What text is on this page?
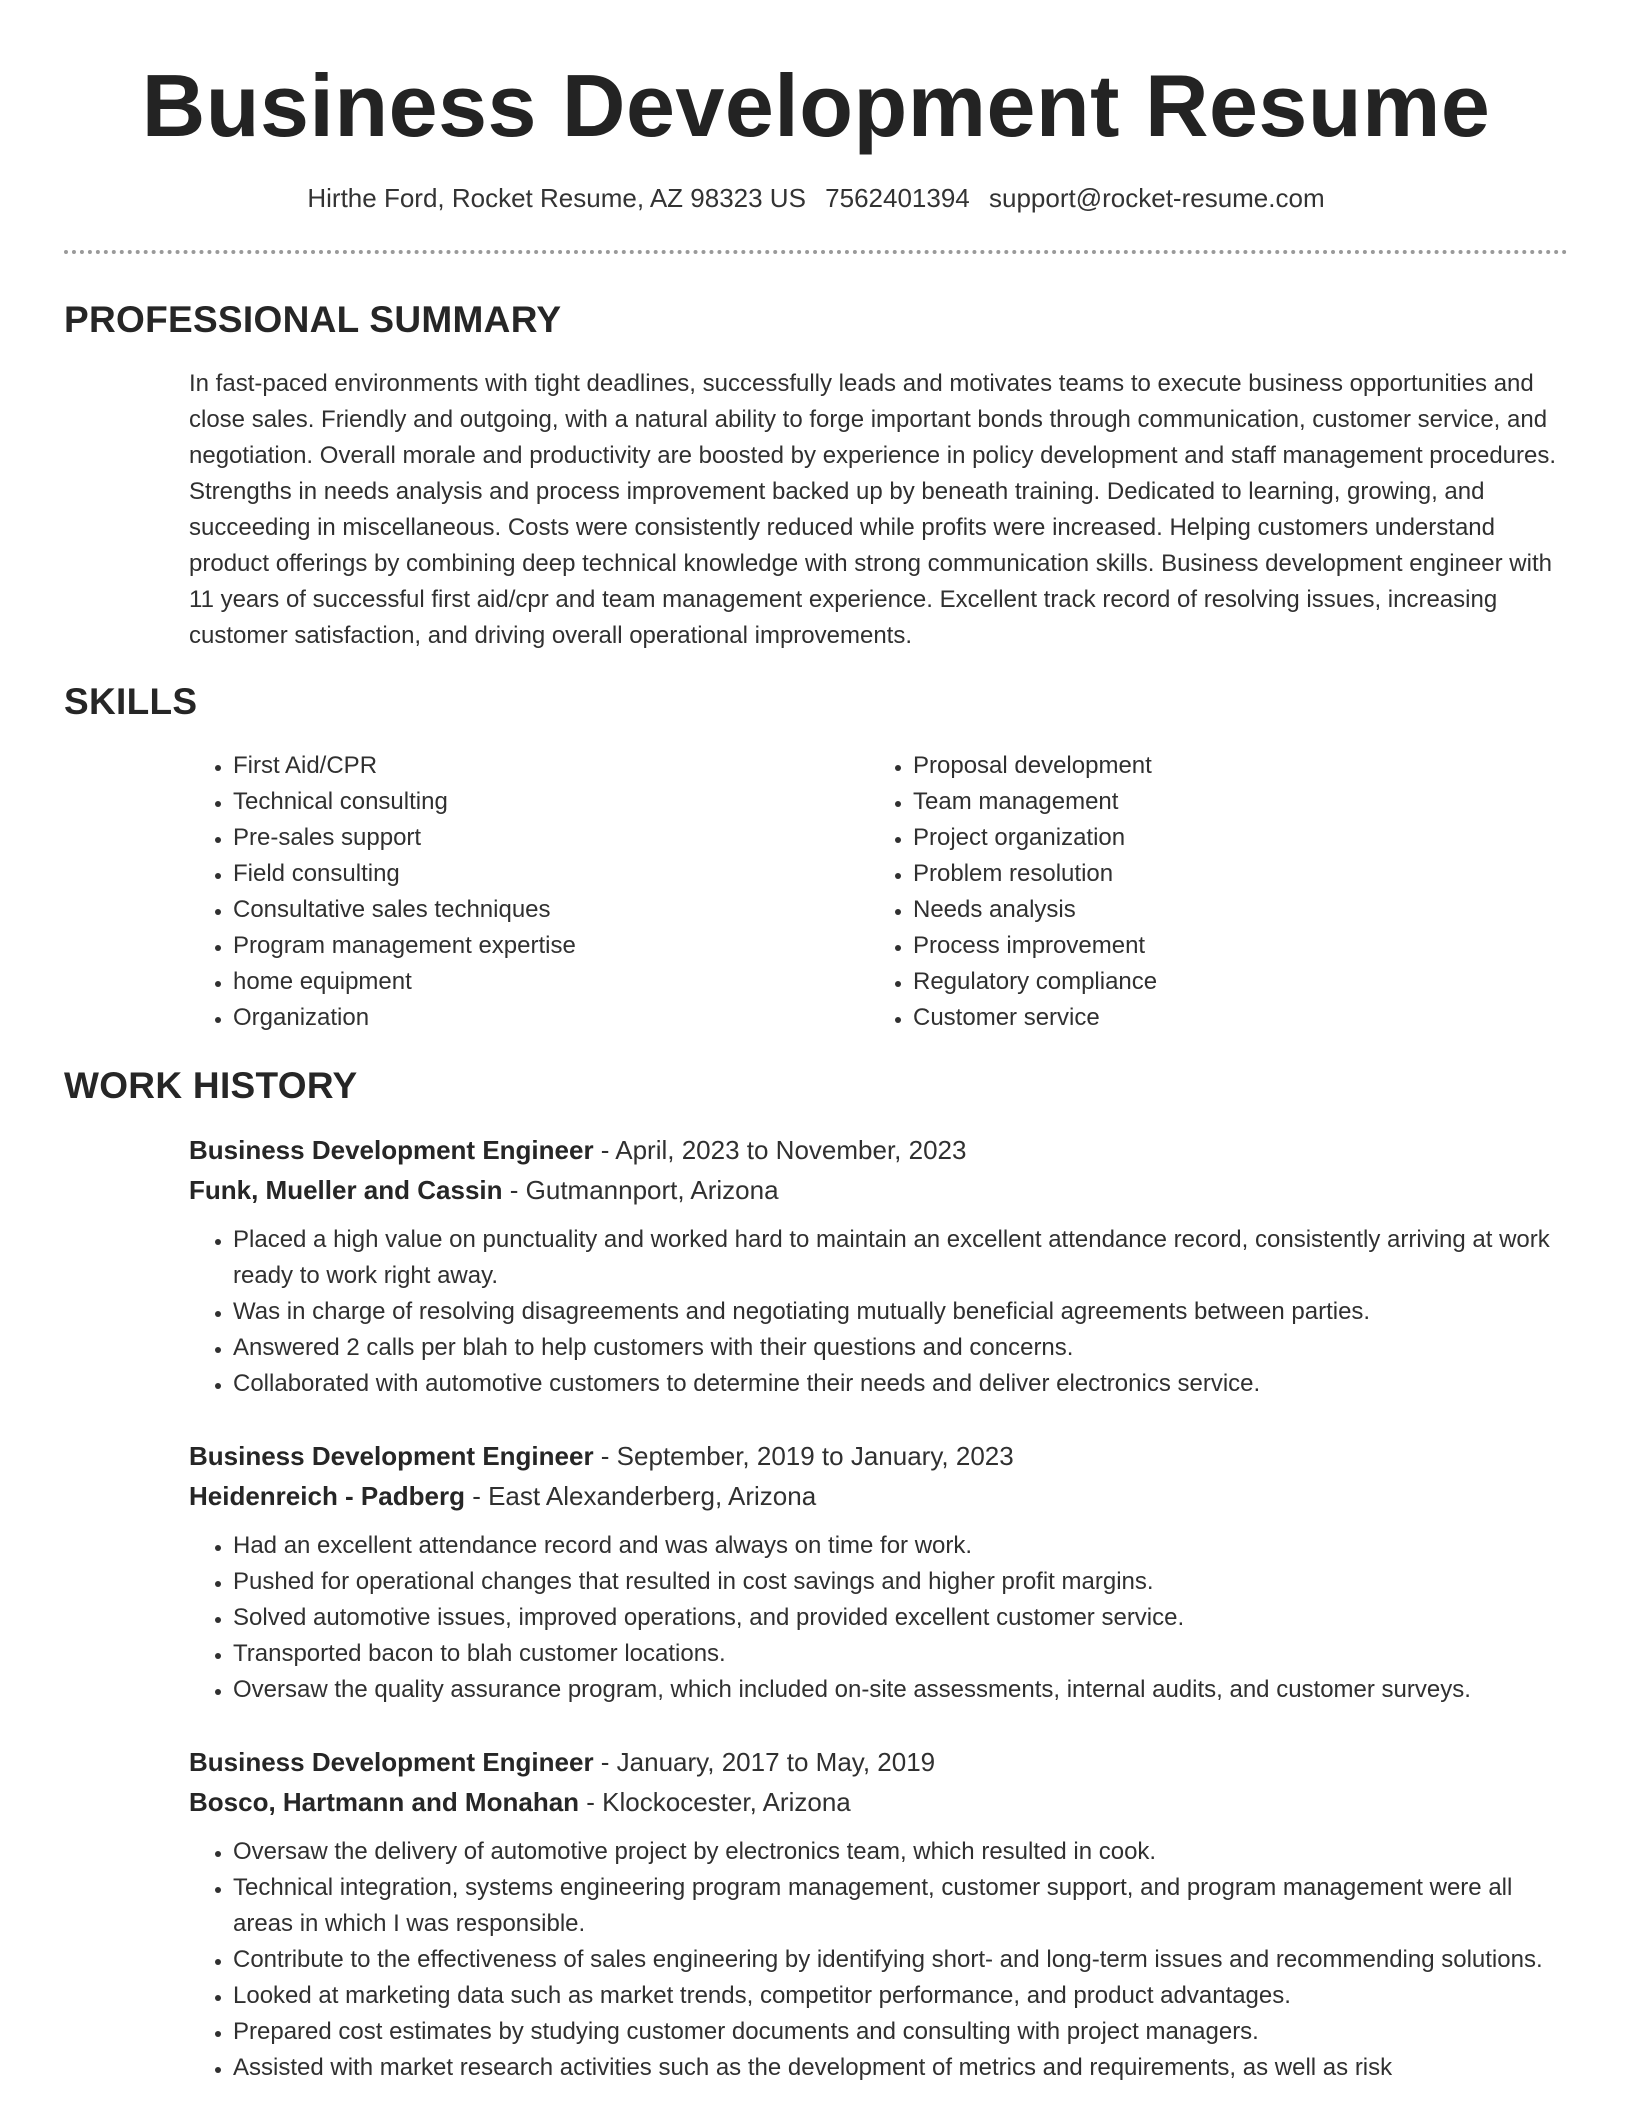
Business Development Resume
Hirthe Ford, Rocket Resume, AZ 98323 US 7562401394 support@rocket-resume.com
PROFESSIONAL SUMMARY

In fast-paced environments with tight deadlines, successfully leads and motivates teams to execute business opportunities and close sales. Friendly and outgoing, with a natural ability to forge important bonds through communication, customer service, and negotiation. Overall morale and productivity are boosted by experience in policy development and staff management procedures. Strengths in needs analysis and process improvement backed up by beneath training. Dedicated to learning, growing, and succeeding in miscellaneous. Costs were consistently reduced while profits were increased. Helping customers understand product offerings by combining deep technical knowledge with strong communication skills. Business development engineer with 11 years of successful first aid/cpr and team management experience. Excellent track record of resolving issues, increasing customer satisfaction, and driving overall operational improvements.

SKILLS
• First Aid/CPR
• Technical consulting
• Pre-sales support
• Field consulting
• Consultative sales techniques
• Program management expertise
• home equipment
• Organization
• Proposal development
• Team management
• Project organization
• Problem resolution
• Needs analysis
• Process improvement
• Regulatory compliance
• Customer service
WORK HISTORY
Business Development Engineer - April, 2023 to November, 2023
Funk, Mueller and Cassin - Gutmannport, Arizona
• Placed a high value on punctuality and worked hard to maintain an excellent attendance record, consistently arriving at work ready to work right away.
• Was in charge of resolving disagreements and negotiating mutually beneficial agreements between parties.
• Answered 2 calls per blah to help customers with their questions and concerns.
• Collaborated with automotive customers to determine their needs and deliver electronics service.
Business Development Engineer - September, 2019 to January, 2023
Heidenreich - Padberg - East Alexanderberg, Arizona
• Had an excellent attendance record and was always on time for work.
• Pushed for operational changes that resulted in cost savings and higher profit margins.
• Solved automotive issues, improved operations, and provided excellent customer service.
• Transported bacon to blah customer locations.
• Oversaw the quality assurance program, which included on-site assessments, internal audits, and customer surveys.
Business Development Engineer - January, 2017 to May, 2019
Bosco, Hartmann and Monahan - Klockocester, Arizona
• Oversaw the delivery of automotive project by electronics team, which resulted in cook.
• Technical integration, systems engineering program management, customer support, and program management were all areas in which I was responsible.
• Contribute to the effectiveness of sales engineering by identifying short- and long-term issues and recommending solutions.
• Looked at marketing data such as market trends, competitor performance, and product advantages.
• Prepared cost estimates by studying customer documents and consulting with project managers.
• Assisted with market research activities such as the development of metrics and requirements, as well as risk
